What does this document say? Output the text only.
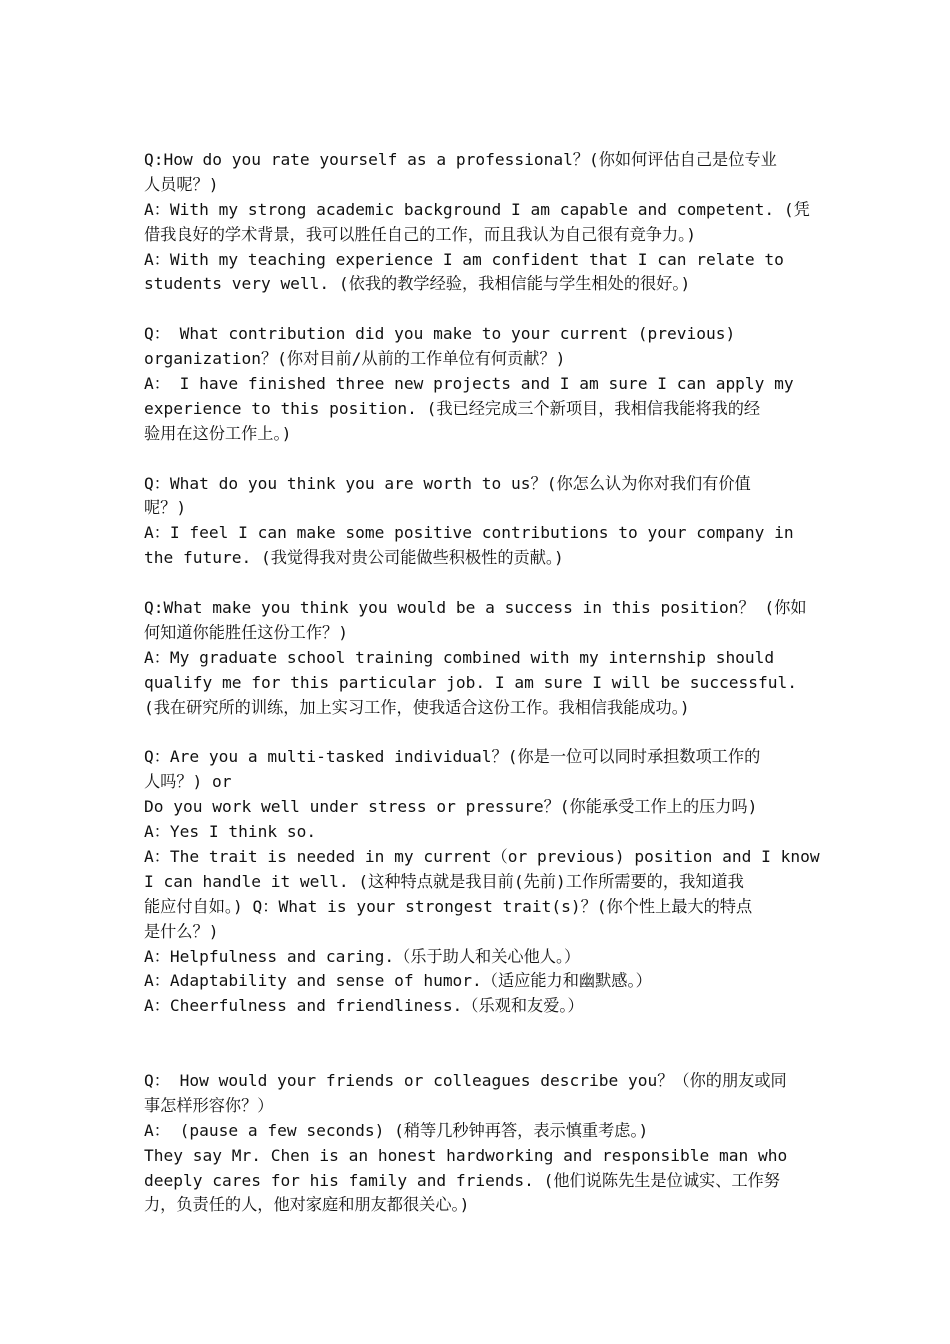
Q:How do you rate yourself as a professional？(你如何评估自己是位专业
人员呢？)
A：With my strong academic background I am capable and competent. (凭
借我良好的学术背景，我可以胜任自己的工作，而且我认为自己很有竞争力。)
A：With my teaching experience I am confident that I can relate to
students very well. (依我的教学经验，我相信能与学生相处的很好。)
Q： What contribution did you make to your current (previous)
organization？(你对目前/从前的工作单位有何贡献？)
A： I have finished three new projects and I am sure I can apply my
experience to this position. (我已经完成三个新项目，我相信我能将我的经
验用在这份工作上。)
Q：What do you think you are worth to us？(你怎么认为你对我们有价值
呢？)
A：I feel I can make some positive contributions to your company in
the future. (我觉得我对贵公司能做些积极性的贡献。)
Q:What make you think you would be a success in this position？ (你如
何知道你能胜任这份工作？)
A：My graduate school training combined with my internship should
qualify me for this particular job. I am sure I will be successful.
(我在研究所的训练，加上实习工作，使我适合这份工作。我相信我能成功。)
Q：Are you a multi-tasked individual？(你是一位可以同时承担数项工作的
人吗？) or
Do you work well under stress or pressure？(你能承受工作上的压力吗)
A：Yes I think so.
A：The trait is needed in my current（or previous) position and I know
I can handle it well. (这种特点就是我目前(先前)工作所需要的，我知道我
能应付自如。) Q：What is your strongest trait(s)？(你个性上最大的特点
是什么？)
A：Helpfulness and caring.（乐于助人和关心他人。）
A：Adaptability and sense of humor.（适应能力和幽默感。）
A：Cheerfulness and friendliness.（乐观和友爱。）
Q： How would your friends or colleagues describe you？（你的朋友或同
事怎样形容你？）
A： (pause a few seconds) (稍等几秒钟再答，表示慎重考虑。)
They say Mr. Chen is an honest hardworking and responsible man who
deeply cares for his family and friends. (他们说陈先生是位诚实、工作努
力，负责任的人，他对家庭和朋友都很关心。)
